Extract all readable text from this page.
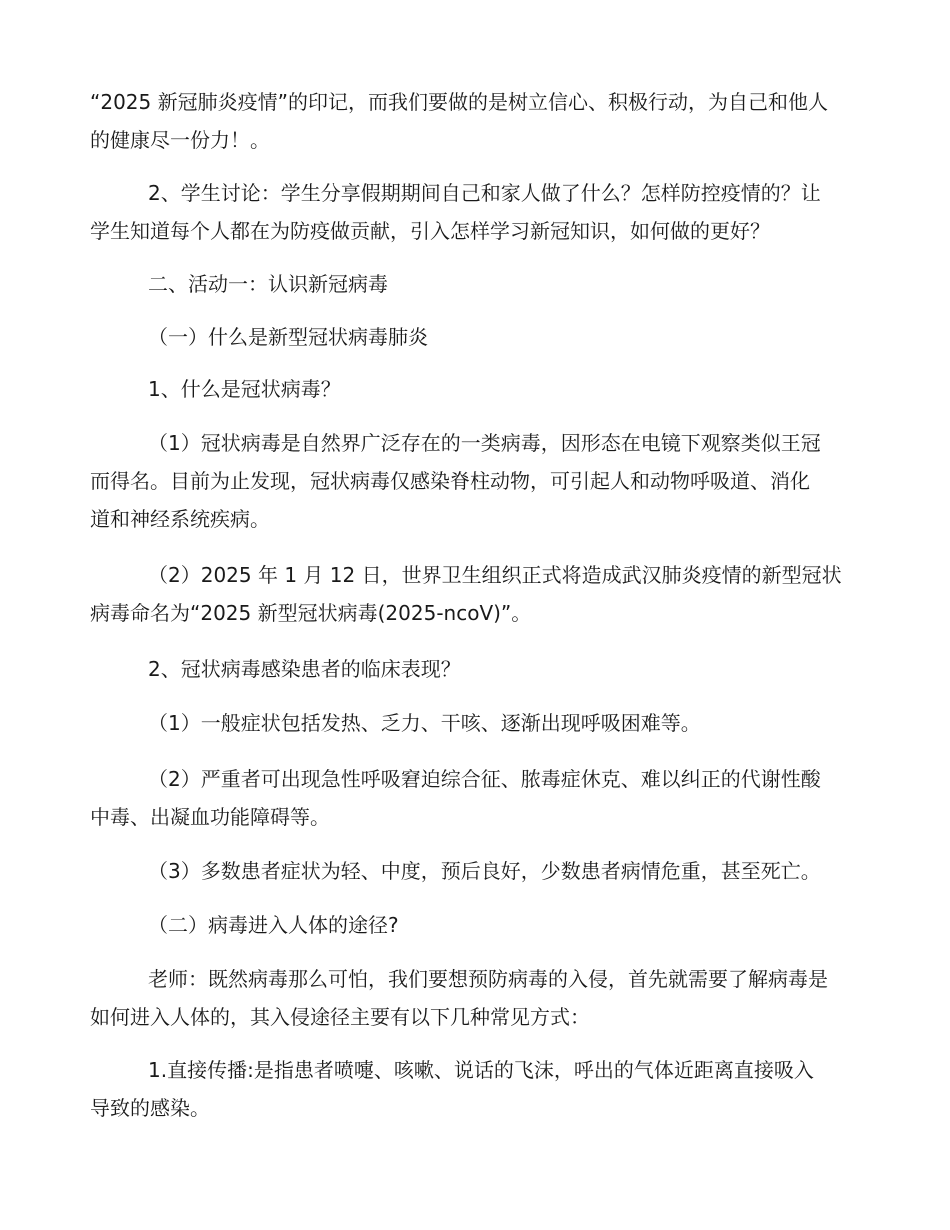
“2025 新冠肺炎疫情”的印记，而我们要做的是树立信心、积极行动，为自己和他人
的健康尽一份力！。
2、学生讨论：学生分享假期期间自己和家人做了什么？怎样防控疫情的？让
学生知道每个人都在为防疫做贡献，引入怎样学习新冠知识，如何做的更好？
二、活动一：认识新冠病毒
（一）什么是新型冠状病毒肺炎
1、什么是冠状病毒？
（1）冠状病毒是自然界广泛存在的一类病毒，因形态在电镜下观察类似王冠
而得名。目前为止发现，冠状病毒仅感染脊柱动物，可引起人和动物呼吸道、消化
道和神经系统疾病。
（2）2025 年 1 月 12 日，世界卫生组织正式将造成武汉肺炎疫情的新型冠状
病毒命名为“2025 新型冠状病毒(2025-ncoV)”。
2、冠状病毒感染患者的临床表现？
（1）一般症状包括发热、乏力、干咳、逐渐出现呼吸困难等。
（2）严重者可出现急性呼吸窘迫综合征、脓毒症休克、难以纠正的代谢性酸
中毒、出凝血功能障碍等。
（3）多数患者症状为轻、中度，预后良好，少数患者病情危重，甚至死亡。
（二）病毒进入人体的途径?
老师：既然病毒那么可怕，我们要想预防病毒的入侵，首先就需要了解病毒是
如何进入人体的，其入侵途径主要有以下几种常见方式：
1.直接传播:是指患者喷嚏、咳嗽、说话的飞沫，呼出的气体近距离直接吸入
导致的感染。
